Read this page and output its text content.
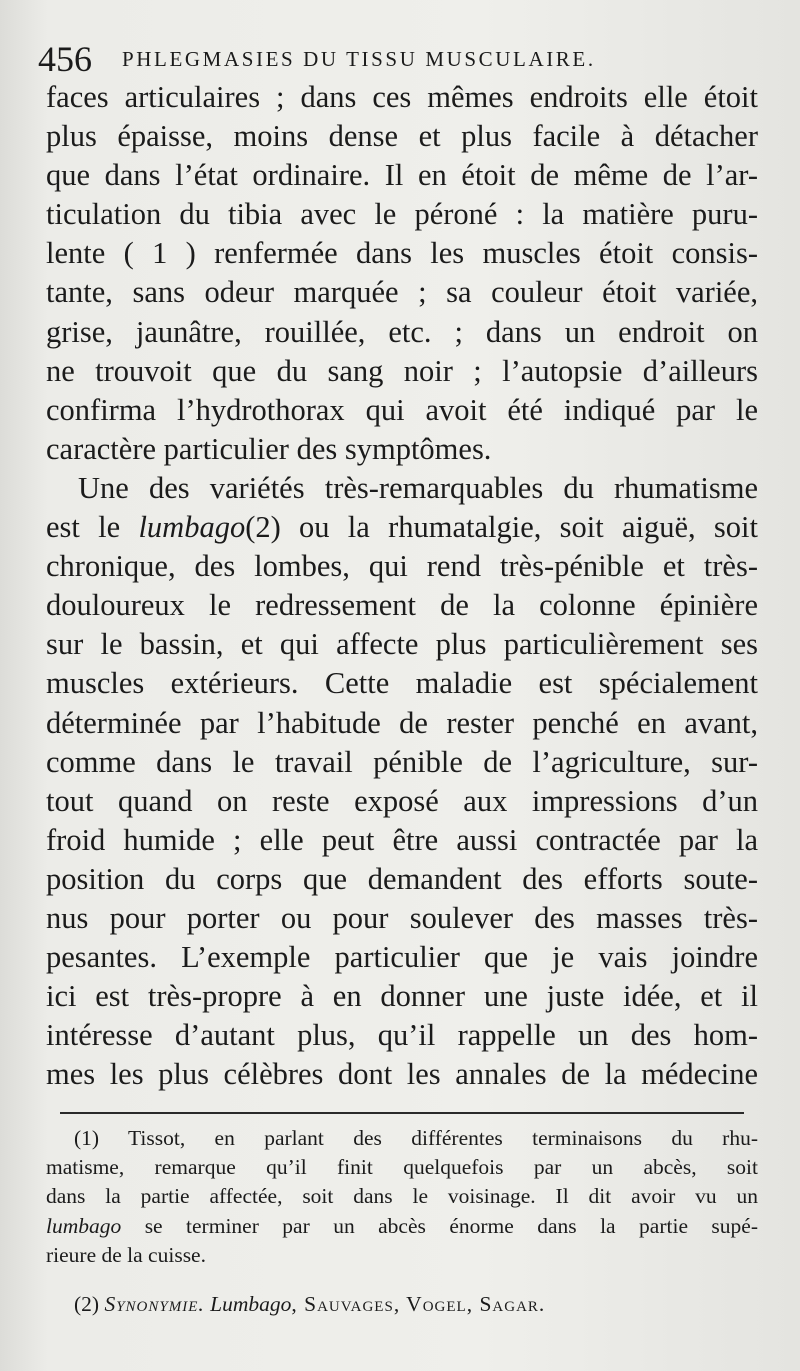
456 PHLEGMASIES DU TISSU MUSCULAIRE.
faces articulaires ; dans ces mêmes endroits elle étoit
plus épaisse, moins dense et plus facile à détacher
que dans l’état ordinaire. Il en étoit de même de l’ar-
ticulation du tibia avec le péroné : la matière puru-
lente ( 1 ) renfermée dans les muscles étoit consis-
tante, sans odeur marquée ; sa couleur étoit variée,
grise, jaunâtre, rouillée, etc. ; dans un endroit on
ne trouvoit que du sang noir ; l’autopsie d’ailleurs
confirma l’hydrothorax qui avoit été indiqué par le
caractère particulier des symptômes.
Une des variétés très-remarquables du rhumatisme
est le lumbago(2) ou la rhumatalgie, soit aiguë, soit
chronique, des lombes, qui rend très-pénible et très-
douloureux le redressement de la colonne épinière
sur le bassin, et qui affecte plus particulièrement ses
muscles extérieurs. Cette maladie est spécialement
déterminée par l’habitude de rester penché en avant,
comme dans le travail pénible de l’agriculture, sur-
tout quand on reste exposé aux impressions d’un
froid humide ; elle peut être aussi contractée par la
position du corps que demandent des efforts soute-
nus pour porter ou pour soulever des masses très-
pesantes. L’exemple particulier que je vais joindre
ici est très-propre à en donner une juste idée, et il
intéresse d’autant plus, qu’il rappelle un des hom-
mes les plus célèbres dont les annales de la médecine
(1) Tissot, en parlant des différentes terminaisons du rhu-
matisme, remarque qu’il finit quelquefois par un abcès, soit
dans la partie affectée, soit dans le voisinage. Il dit avoir vu un
lumbago se terminer par un abcès énorme dans la partie supé-
rieure de la cuisse.
(2) Synonymie. Lumbago, Sauvages, Vogel, Sagar.
